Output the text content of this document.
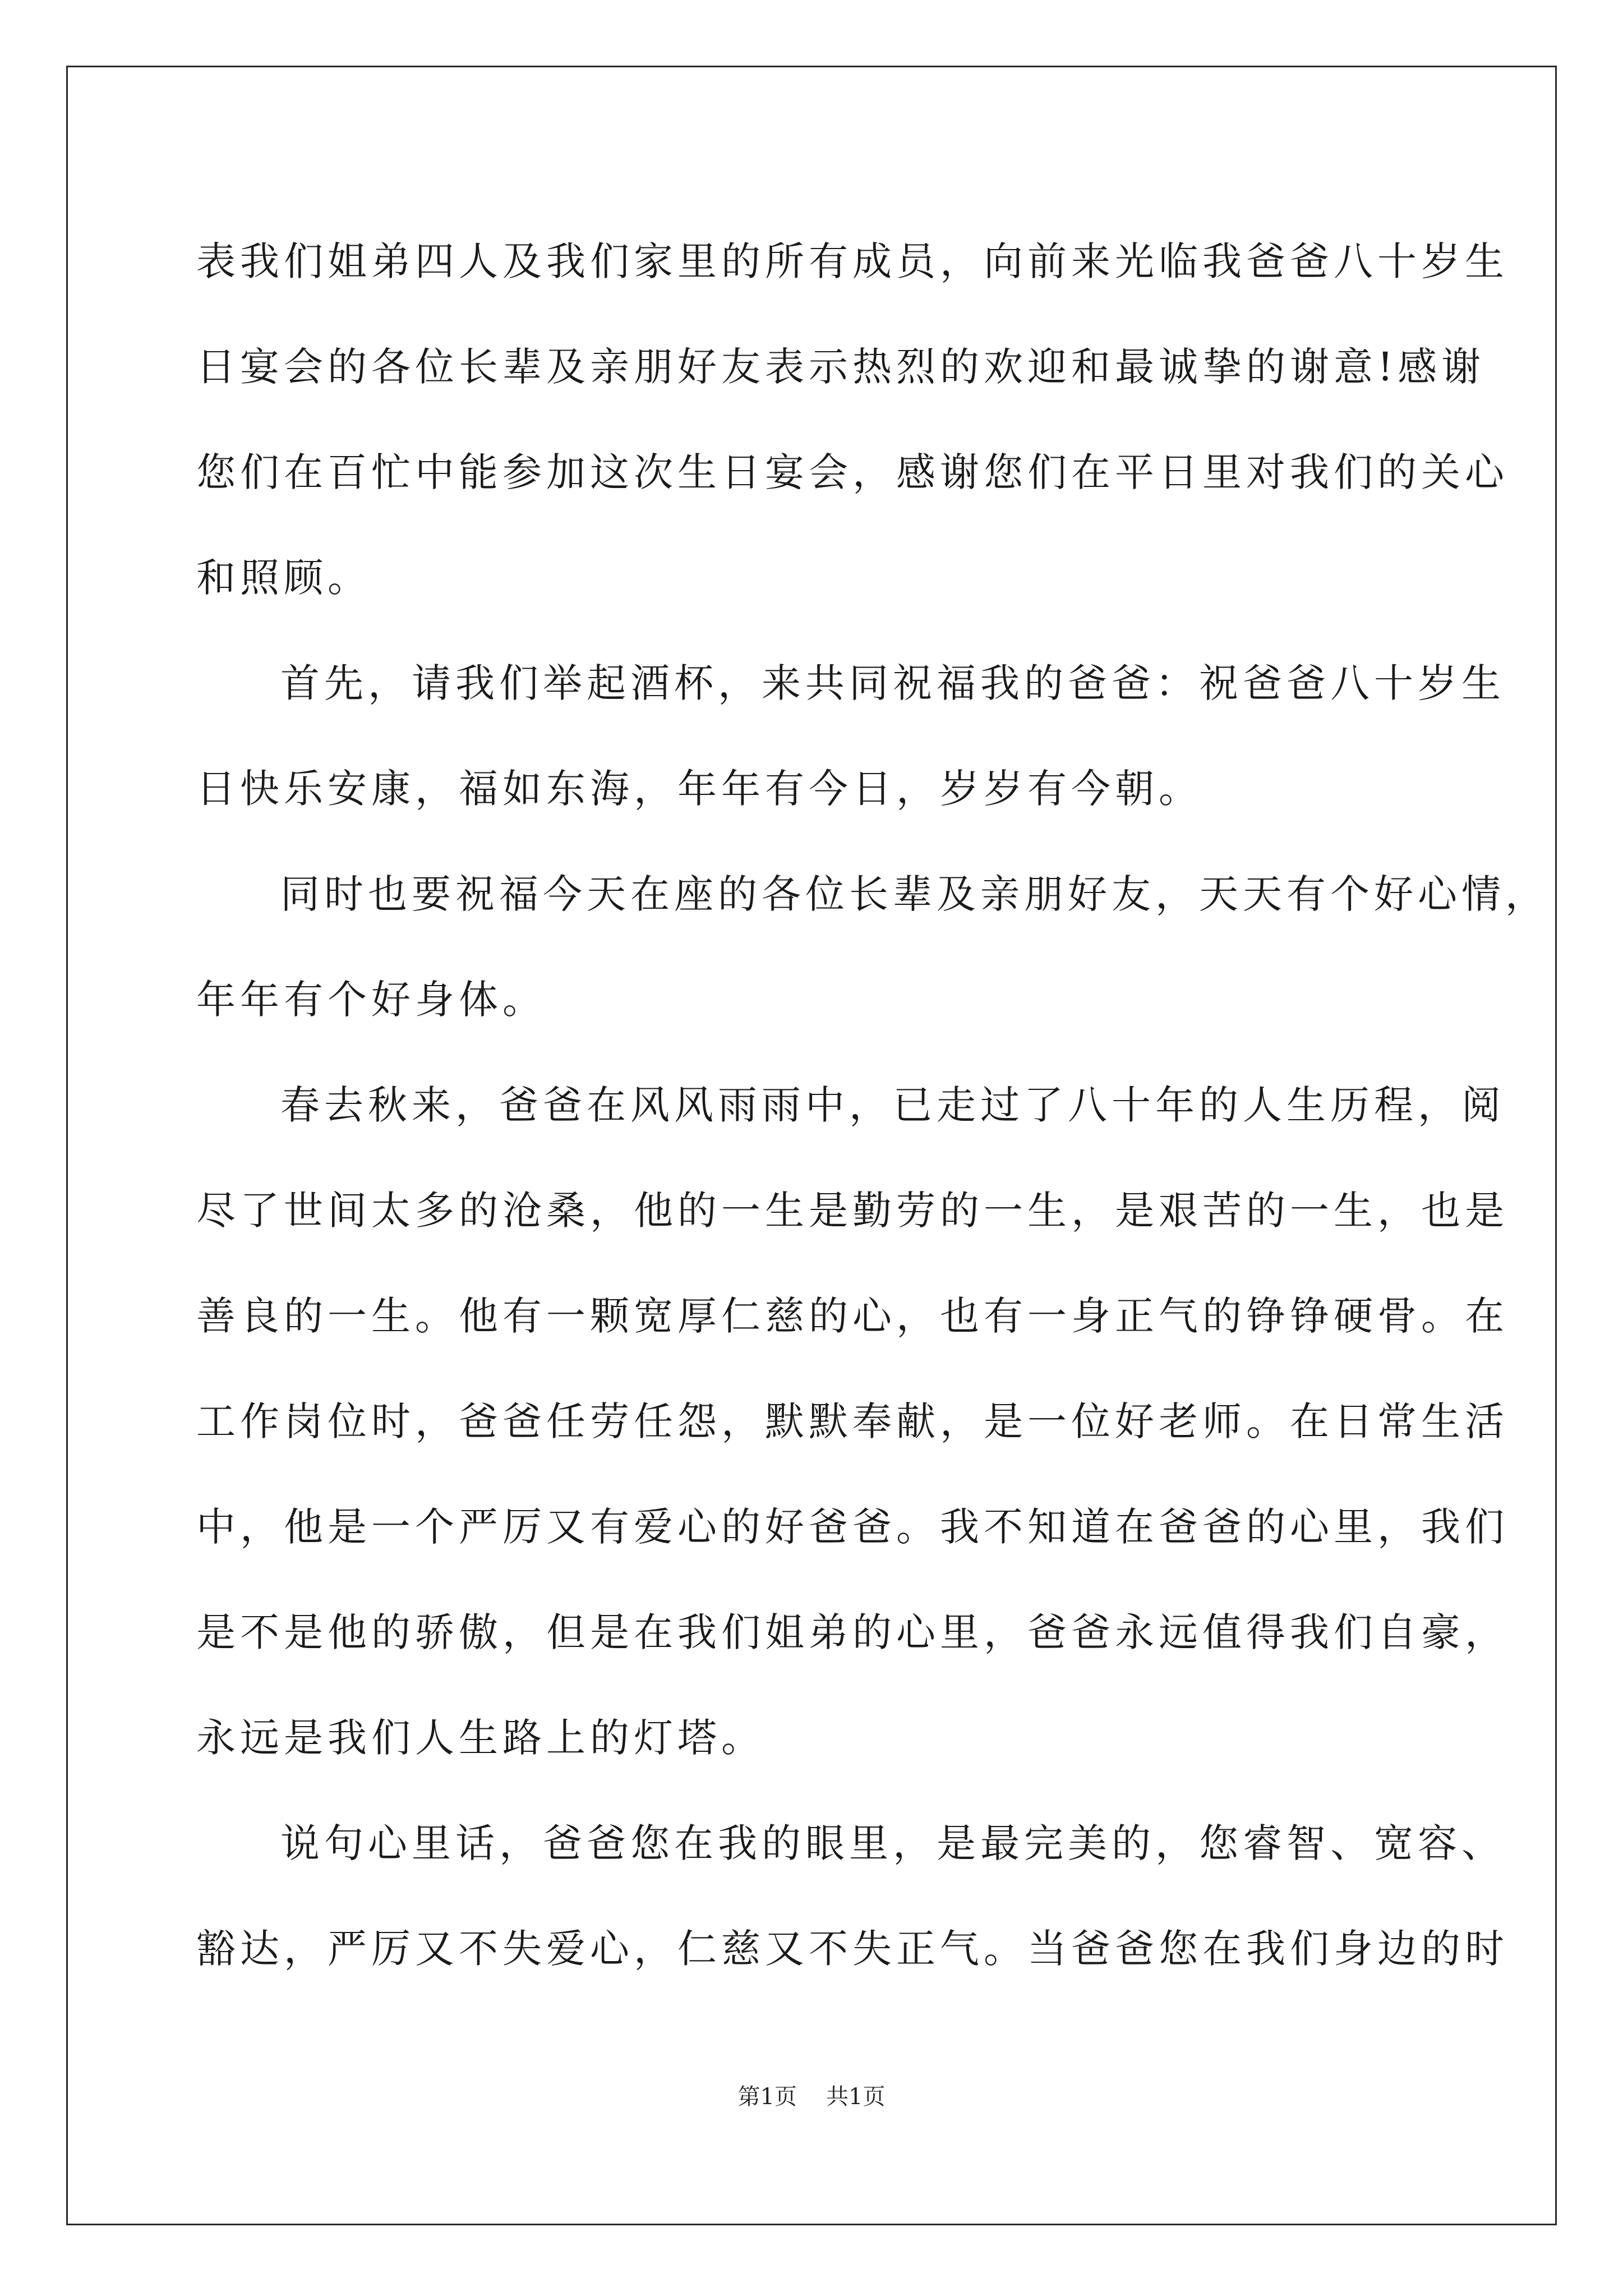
表我们姐弟四人及我们家里的所有成员，向前来光临我爸爸八十岁生
日宴会的各位长辈及亲朋好友表示热烈的欢迎和最诚挚的谢意!感谢
您们在百忙中能参加这次生日宴会，感谢您们在平日里对我们的关心
和照顾。
首先，请我们举起酒杯，来共同祝福我的爸爸：祝爸爸八十岁生
日快乐安康，福如东海，年年有今日，岁岁有今朝。
同时也要祝福今天在座的各位长辈及亲朋好友，天天有个好心情，
年年有个好身体。
春去秋来，爸爸在风风雨雨中，已走过了八十年的人生历程，阅
尽了世间太多的沧桑，他的一生是勤劳的一生，是艰苦的一生，也是
善良的一生。他有一颗宽厚仁慈的心，也有一身正气的铮铮硬骨。在
工作岗位时，爸爸任劳任怨，默默奉献，是一位好老师。在日常生活
中，他是一个严厉又有爱心的好爸爸。我不知道在爸爸的心里，我们
是不是他的骄傲，但是在我们姐弟的心里，爸爸永远值得我们自豪，
永远是我们人生路上的灯塔。
说句心里话，爸爸您在我的眼里，是最完美的，您睿智、宽容、
豁达，严厉又不失爱心，仁慈又不失正气。当爸爸您在我们身边的时
第1页 共1页
